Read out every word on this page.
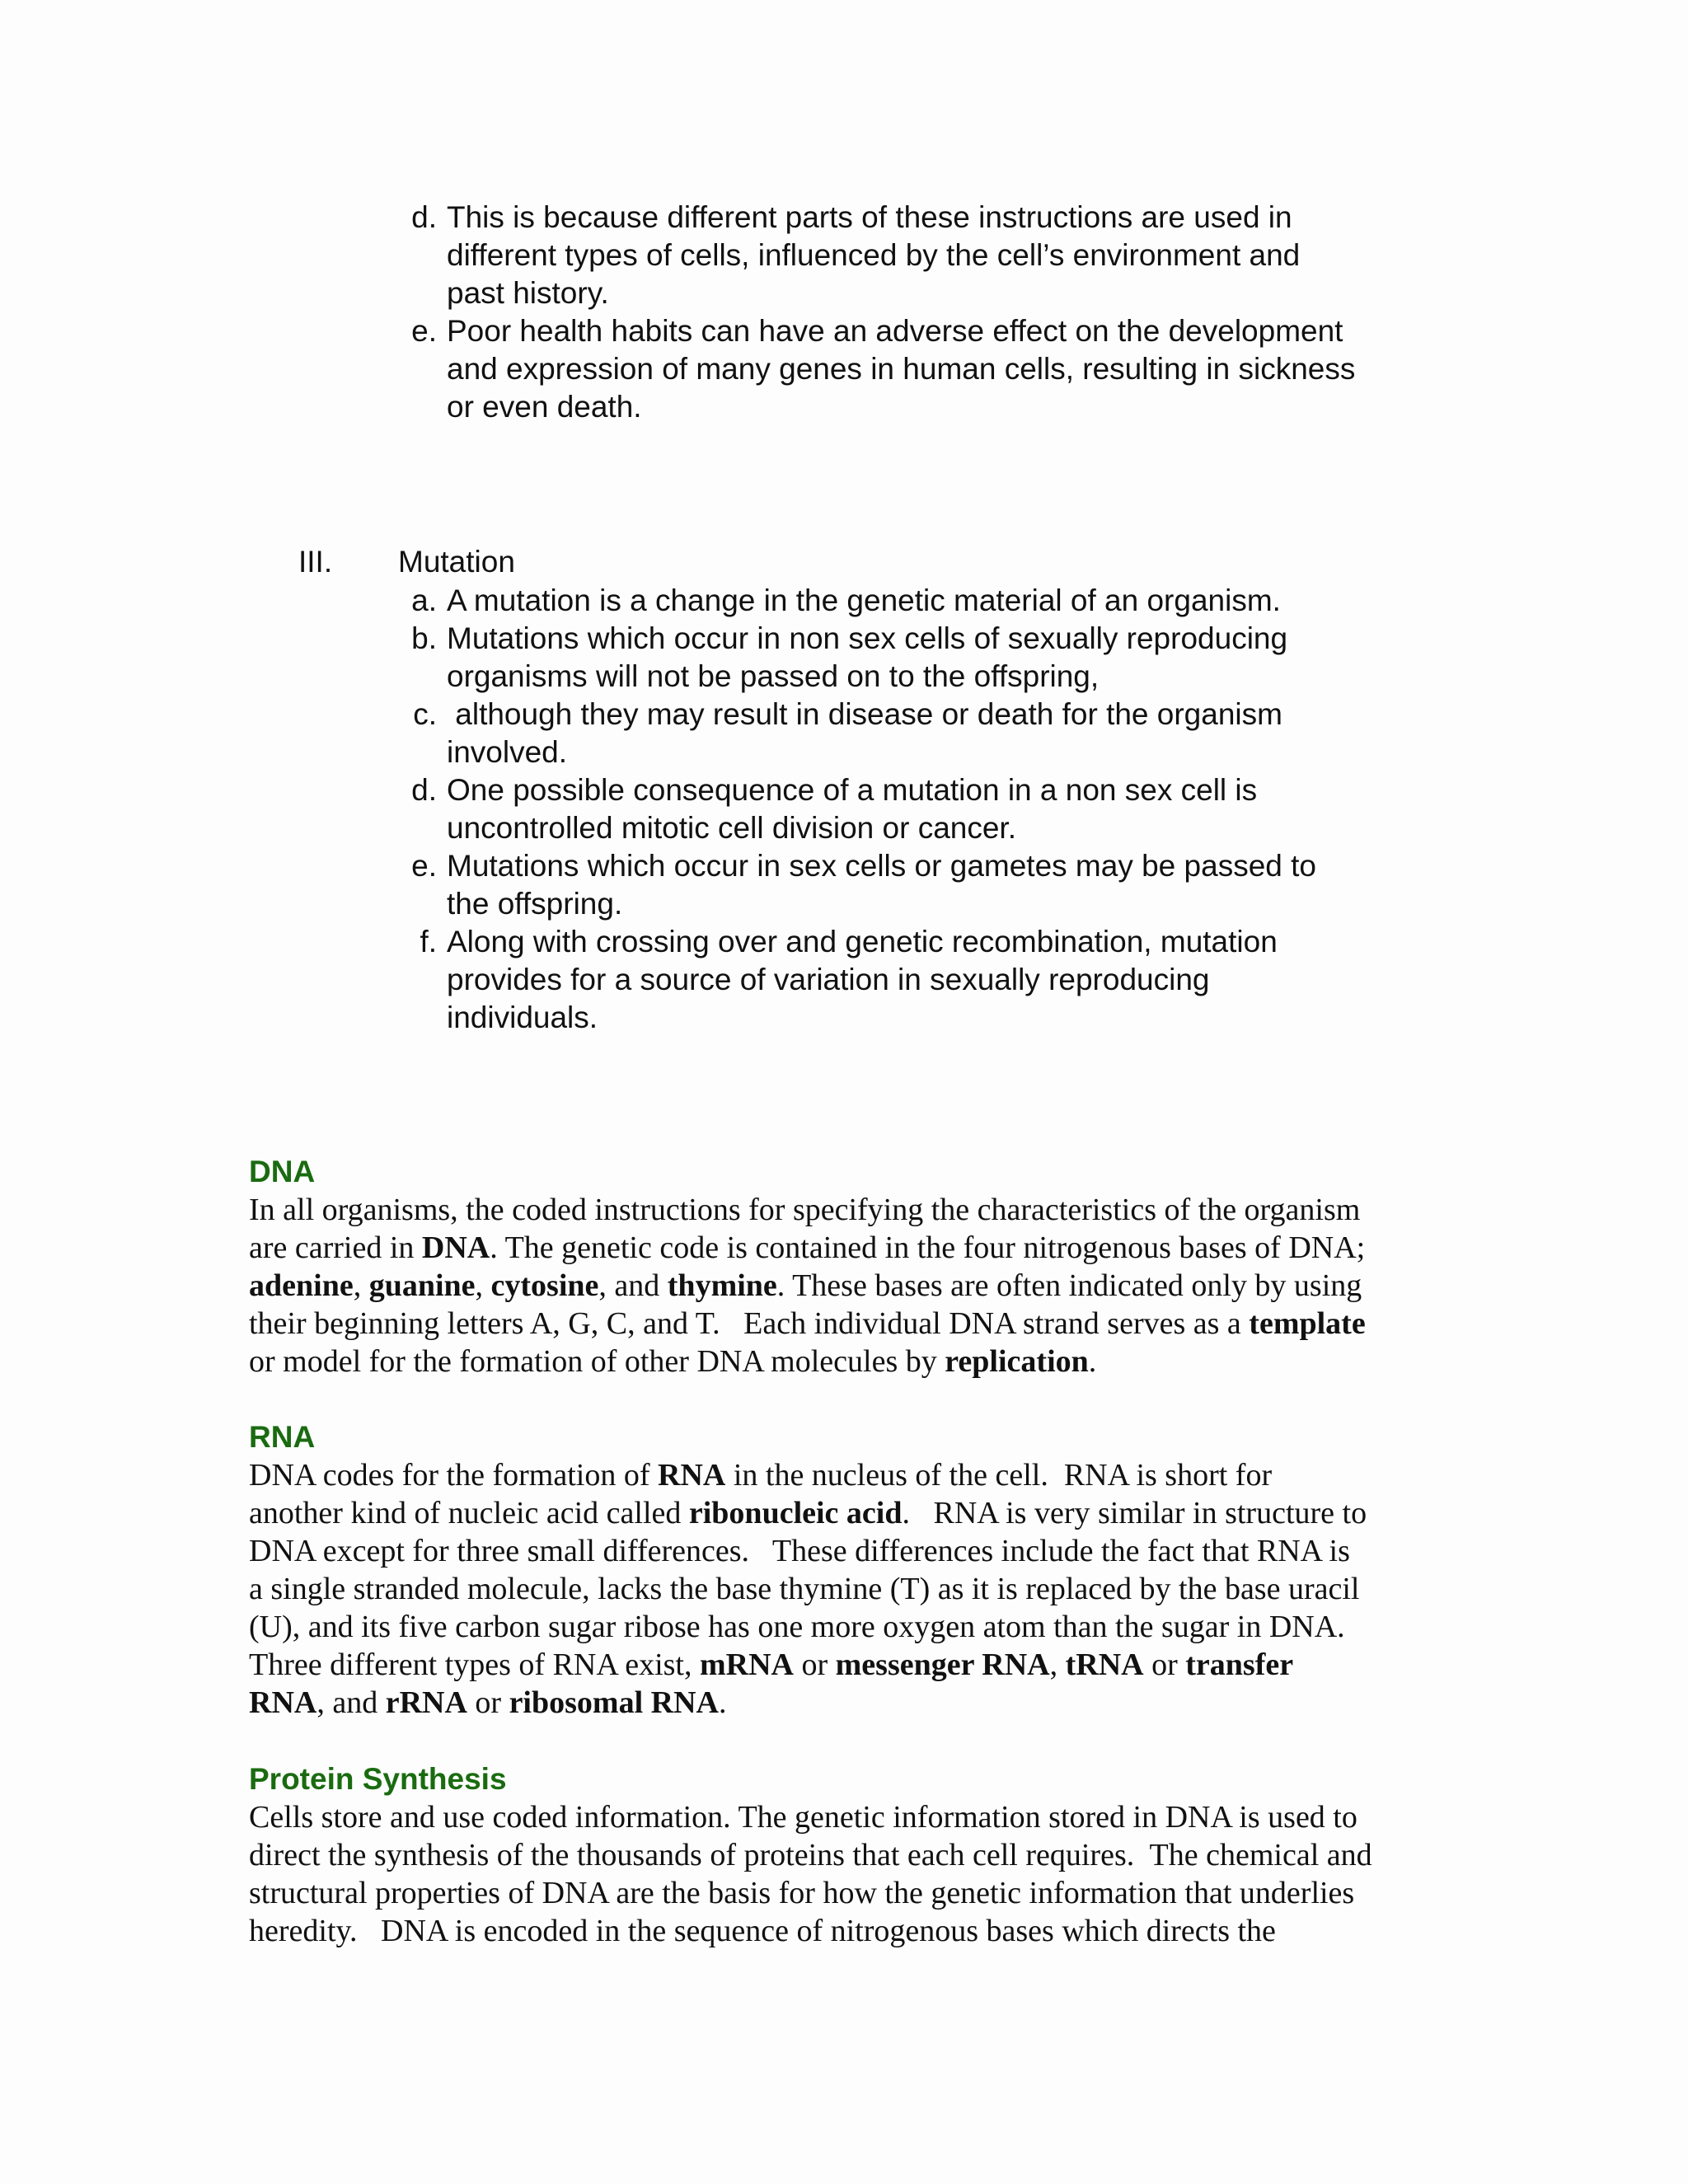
d. This is because different parts of these instructions are used in
different types of cells, influenced by the cell’s environment and
past history.
e. Poor health habits can have an adverse effect on the development
and expression of many genes in human cells, resulting in sickness
or even death.
III. Mutation
a. A mutation is a change in the genetic material of an organism.
b. Mutations which occur in non sex cells of sexually reproducing
organisms will not be passed on to the offspring,
c. although they may result in disease or death for the organism
involved.
d. One possible consequence of a mutation in a non sex cell is
uncontrolled mitotic cell division or cancer.
e. Mutations which occur in sex cells or gametes may be passed to
the offspring.
f. Along with crossing over and genetic recombination, mutation
provides for a source of variation in sexually reproducing
individuals.
DNA
In all organisms, the coded instructions for specifying the characteristics of the organism
are carried in DNA. The genetic code is contained in the four nitrogenous bases of DNA;
adenine, guanine, cytosine, and thymine. These bases are often indicated only by using
their beginning letters A, G, C, and T.   Each individual DNA strand serves as a template
or model for the formation of other DNA molecules by replication.
RNA
DNA codes for the formation of RNA in the nucleus of the cell.  RNA is short for
another kind of nucleic acid called ribonucleic acid.   RNA is very similar in structure to
DNA except for three small differences.   These differences include the fact that RNA is
a single stranded molecule, lacks the base thymine (T) as it is replaced by the base uracil
(U), and its five carbon sugar ribose has one more oxygen atom than the sugar in DNA.
Three different types of RNA exist, mRNA or messenger RNA, tRNA or transfer
RNA, and rRNA or ribosomal RNA.
Protein Synthesis
Cells store and use coded information. The genetic information stored in DNA is used to
direct the synthesis of the thousands of proteins that each cell requires.  The chemical and
structural properties of DNA are the basis for how the genetic information that underlies
heredity.   DNA is encoded in the sequence of nitrogenous bases which directs the
